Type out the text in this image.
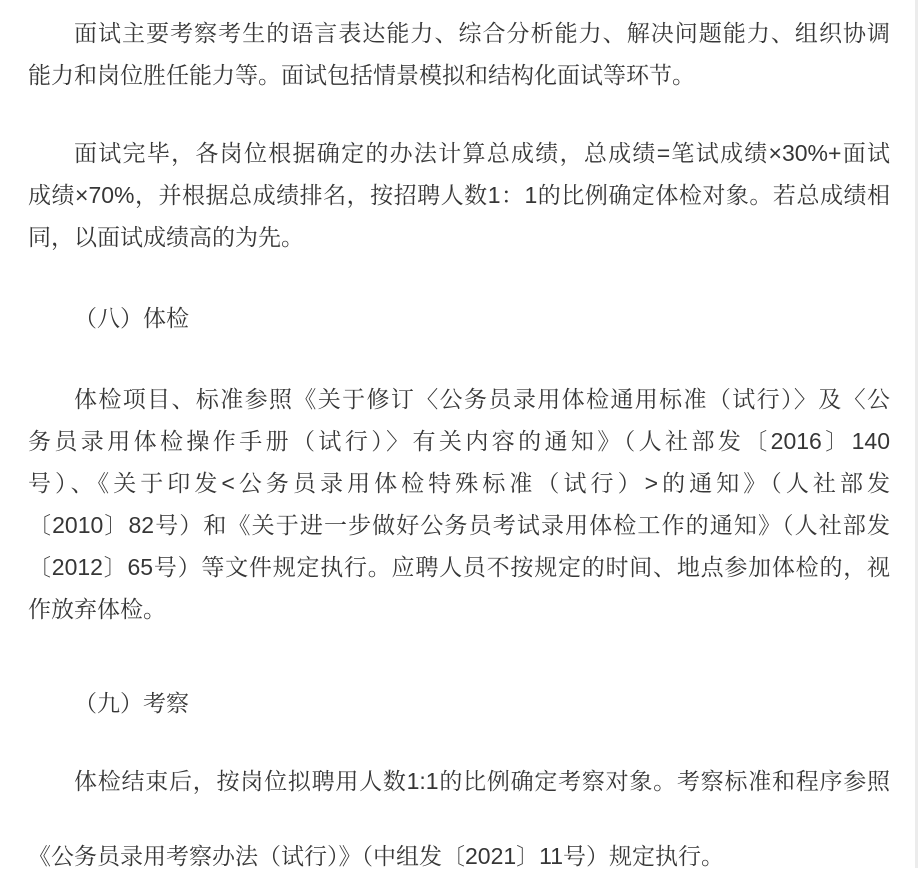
面试主要考察考生的语言表达能力、综合分析能力、解决问题能力、组织协调
能力和岗位胜任能力等。面试包括情景模拟和结构化面试等环节。
面试完毕，各岗位根据确定的办法计算总成绩，总成绩=笔试成绩×30%+面试
成绩×70%，并根据总成绩排名，按招聘人数1：1的比例确定体检对象。若总成绩相
同，以面试成绩高的为先。
（八）体检
体检项目、标准参照《关于修订〈公务员录用体检通用标准（试行）〉及〈公
务员录用体检操作手册（试行）〉有关内容的通知》（人社部发〔2016〕140
号）、《关于印发<公务员录用体检特殊标准（试行）>的通知》（人社部发
〔2010〕82号）和《关于进一步做好公务员考试录用体检工作的通知》（人社部发
〔2012〕65号）等文件规定执行。应聘人员不按规定的时间、地点参加体检的，视
作放弃体检。
（九）考察
体检结束后，按岗位拟聘用人数1:1的比例确定考察对象。考察标准和程序参照
《公务员录用考察办法（试行）》（中组发〔2021〕11号）规定执行。
